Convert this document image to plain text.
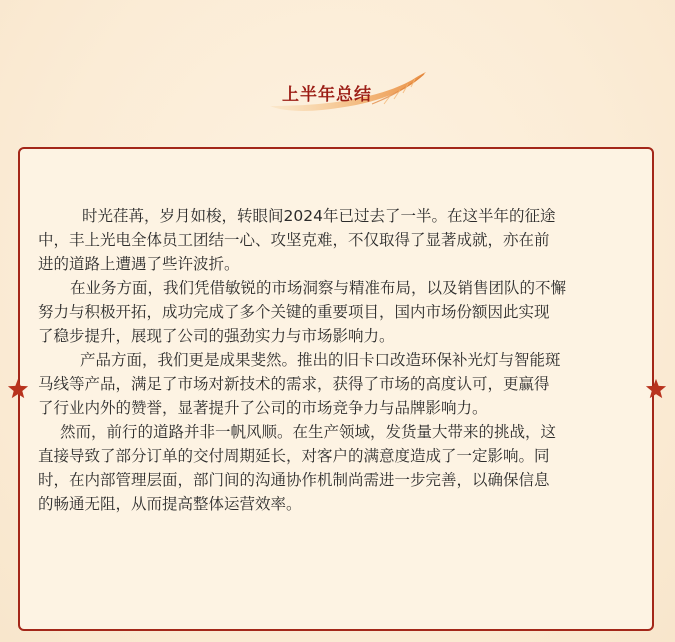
上半年总结

时光荏苒，岁月如梭，转眼间2024年已过去了一半。在这半年的征途
中，丰上光电全体员工团结一心、攻坚克难，不仅取得了显著成就，亦在前
进的道路上遭遇了些许波折。

在业务方面，我们凭借敏锐的市场洞察与精准布局，以及销售团队的不懈
努力与积极开拓，成功完成了多个关键的重要项目，国内市场份额因此实现
了稳步提升，展现了公司的强劲实力与市场影响力。

产品方面，我们更是成果斐然。推出的旧卡口改造环保补光灯与智能斑
马线等产品，满足了市场对新技术的需求，获得了市场的高度认可，更赢得
了行业内外的赞誉，显著提升了公司的市场竞争力与品牌影响力。

然而，前行的道路并非一帆风顺。在生产领域，发货量大带来的挑战，这
直接导致了部分订单的交付周期延长，对客户的满意度造成了一定影响。同
时，在内部管理层面，部门间的沟通协作机制尚需进一步完善，以确保信息
的畅通无阻，从而提高整体运营效率。
